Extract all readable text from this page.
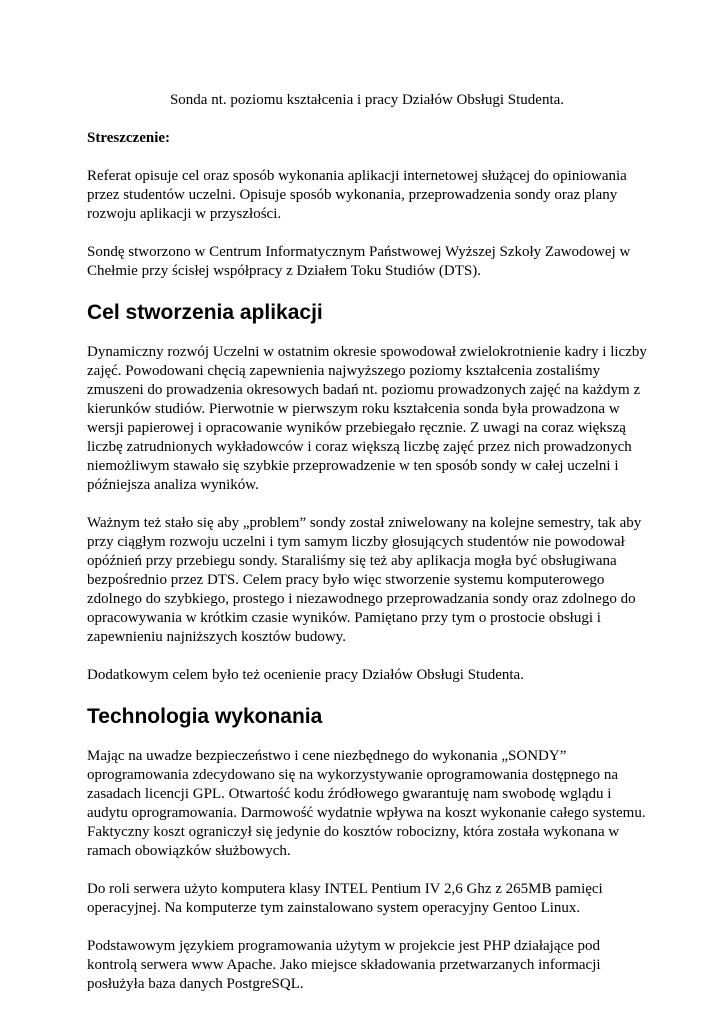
Sonda nt. poziomu kształcenia i pracy Działów Obsługi Studenta.
Streszczenie:

Referat opisuje cel oraz sposób wykonania aplikacji internetowej służącej do opiniowania przez studentów uczelni. Opisuje sposób wykonania, przeprowadzenia sondy oraz plany rozwoju aplikacji w przyszłości.

Sondę stworzono w Centrum Informatycznym Państwowej Wyższej Szkoły Zawodowej w Chełmie przy ścisłej współpracy z Działem Toku Studiów (DTS).

Cel stworzenia aplikacji

Dynamiczny rozwój Uczelni w ostatnim okresie spowodował zwielokrotnienie kadry i liczby zajęć. Powodowani chęcią zapewnienia najwyższego poziomy kształcenia zostaliśmy zmuszeni do prowadzenia okresowych badań nt. poziomu prowadzonych zajęć na każdym z kierunków studiów. Pierwotnie w pierwszym roku kształcenia sonda była prowadzona w wersji papierowej i opracowanie wyników przebiegało ręcznie. Z uwagi na coraz większą liczbę zatrudnionych wykładowców i coraz większą liczbę zajęć przez nich prowadzonych niemożliwym stawało się szybkie przeprowadzenie w ten sposób sondy w całej uczelni i późniejsza analiza wyników.

Ważnym też stało się aby „problem” sondy został zniwelowany na kolejne semestry, tak aby przy ciągłym rozwoju uczelni i tym samym liczby głosujących studentów nie powodował opóźnień przy przebiegu sondy. Staraliśmy się też aby aplikacja mogła być obsługiwana bezpośrednio przez DTS. Celem pracy było więc stworzenie systemu komputerowego zdolnego do szybkiego, prostego i niezawodnego przeprowadzania sondy oraz zdolnego do opracowywania w krótkim czasie wyników. Pamiętano przy tym o prostocie obsługi i zapewnieniu najniższych kosztów budowy.

Dodatkowym celem było też ocenienie pracy Działów Obsługi Studenta.

Technologia wykonania

Mając na uwadze bezpieczeństwo i cene niezbędnego do wykonania „SONDY” oprogramowania zdecydowano się na wykorzystywanie oprogramowania dostępnego na zasadach licencji GPL. Otwartość kodu źródłowego gwarantuję nam swobodę wglądu i audytu oprogramowania. Darmowość wydatnie wpływa na koszt wykonanie całego systemu. Faktyczny koszt ograniczył się jedynie do kosztów robocizny, która została wykonana w ramach obowiązków służbowych.

Do roli serwera użyto komputera klasy INTEL Pentium IV 2,6 Ghz z 265MB pamięci operacyjnej. Na komputerze tym zainstalowano system operacyjny Gentoo Linux.

Podstawowym językiem programowania użytym w projekcie jest PHP działające pod kontrolą serwera www Apache. Jako miejsce składowania przetwarzanych informacji posłużyła baza danych PostgreSQL.
